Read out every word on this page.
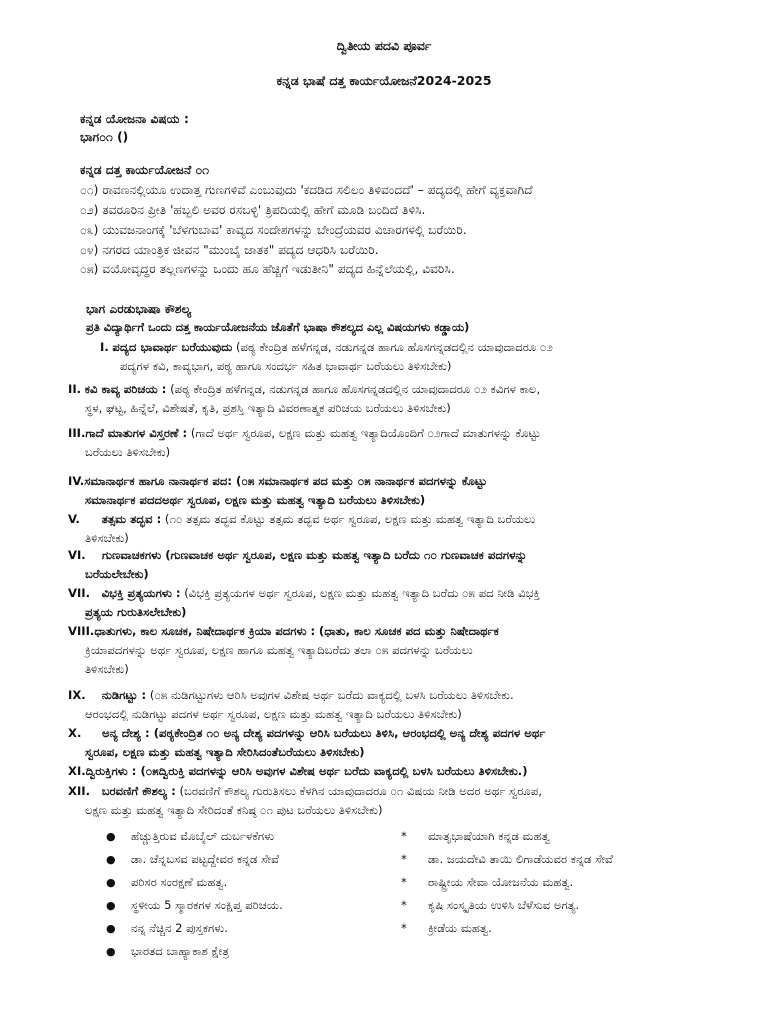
ದ್ವಿತೀಯ ಪದವಿ ಪೂರ್ವ
ಕನ್ನಡ ಭಾಷೆ ದತ್ತ ಕಾರ್ಯಯೋಜನೆ2024-2025
ಕನ್ನಡ ಯೋಜನಾ ವಿಷಯ :
ಭಾಗ೦೧ ()
ಕನ್ನಡ ದತ್ತ ಕಾರ್ಯಯೋಜನೆ ೦೧
೦೧) ರಾವಣನಲ್ಲಿಯೂ ಉದಾತ್ತ ಗುಣಗಳಿವೆ ಎಂಬುವುದು 'ಕದಡಿದ ಸಲಿಲಂ ತಿಳಿವಂದದೆ' – ಪದ್ಯದಲ್ಲಿ ಹೇಗೆ ವ್ಯಕ್ತವಾಗಿದೆ
೦೨) ತವರೂರಿನ ಪ್ರೀತಿ 'ಹಬ್ಬಲಿ ಅವರ ರಸಬಳ್ಳಿ' ತ್ರಿಪದಿಯಲ್ಲಿ ಹೇಗೆ ಮೂಡಿ ಬಂದಿದೆ ತಿಳಿಸಿ.
೦೩) ಯುವಜನಾಂಗಕ್ಕೆ 'ಬೆಳಗುಬಾವ' ಕಾವ್ಯದ ಸಂದೇಶಗಳನ್ನು ಬೇಂದ್ರೆಯವರ ವಿಚಾರಗಳಲ್ಲಿ ಬರೆಯಿರಿ.
೦೪) ನಗರದ ಯಾಂತ್ರಿಕ ಜೀವನ "ಮುಂಬೈ ಜಾತಕ" ಪದ್ಯದ ಆಧರಿಸಿ ಬರೆಯಿರಿ.
೦೫) ವಯೋವೃದ್ಧರ ತಲ್ಲಣಗಳನ್ನು ಒಂದು ಹೂ ಹೆಚ್ಚಿಗೆ ಇಡುತೀನಿ" ಪದ್ಯದ ಹಿನ್ನೆಲೆಯಲ್ಲಿ, ವಿವರಿಸಿ.
ಭಾಗ ಎರಡುಭಾಷಾ ಕೌಶಲ್ಯ
ಪ್ರತಿ ವಿದ್ಯಾರ್ಥಿಗೆ ಒಂದು ದತ್ತ ಕಾರ್ಯಯೋಜನೆಯ ಜೊತೆಗೆ ಭಾಷಾ ಕೌಶಲ್ಯದ ಎಲ್ಲ ವಿಷಯಗಳು ಕಡ್ಡಾಯ)
I. ಪದ್ಯದ ಭಾವಾರ್ಥ ಬರೆಯುವುದು (ಪಠ್ಯ ಕೇಂದ್ರಿತ ಹಳೆಗನ್ನಡ, ನಡುಗನ್ನಡ ಹಾಗೂ ಹೊಸಗನ್ನಡದಲ್ಲಿನ ಯಾವುದಾದರೂ ೦೨
ಪದ್ಯಗಳ ಕವಿ, ಕಾವ್ಯಭಾಗ, ಪಠ್ಯ ಹಾಗೂ ಸಂದರ್ಭ ಸಹಿತ ಭಾವಾರ್ಥ ಬರೆಯಲು ತಿಳಿಸಬೇಕು)
II. ಕವಿ ಕಾವ್ಯ ಪರಿಚಯ : (ಪಠ್ಯ ಕೇಂದ್ರಿತ ಹಳೆಗನ್ನಡ, ನಡುಗನ್ನಡ ಹಾಗೂ ಹೊಸಗನ್ನಡದಲ್ಲಿನ ಯಾವುದಾದರೂ ೦೨ ಕವಿಗಳ ಕಾಲ,
ಸ್ಥಳ, ಘಟ್ಟ, ಹಿನ್ನೆಲೆ, ವಿಶೇಷತೆ, ಕೃತಿ, ಪ್ರಶಸ್ತಿ ಇತ್ಯಾದಿ ವಿವರಣಾತ್ಮಕ ಪರಿಚಯ ಬರೆಯಲು ತಿಳಿಸಬೇಕು)
III.ಗಾದೆ ಮಾತುಗಳ ವಿಸ್ತರಣೆ : (ಗಾದೆ ಅರ್ಥ ಸ್ವರೂಪ, ಲಕ್ಷಣ ಮತ್ತು ಮಹತ್ವ ಇತ್ಯಾದಿಯೊಂದಿಗೆ ೦೨ಗಾದೆ ಮಾತುಗಳನ್ನು ಕೊಟ್ಟು
ಬರೆಯಲು ತಿಳಿಸಬೇಕು)
IV.ಸಮಾನಾರ್ಥಕ ಹಾಗೂ ನಾನಾರ್ಥಕ ಪದ: (೦೫ ಸಮಾನಾರ್ಥಕ ಪದ ಮತ್ತು ೦೫ ನಾನಾರ್ಥಕ ಪದಗಳನ್ನು ಕೊಟ್ಟು
ಸಮಾನಾರ್ಥಕ ಪದದಅರ್ಥ ಸ್ವರೂಪ, ಲಕ್ಷಣ ಮತ್ತು ಮಹತ್ವ ಇತ್ಯಾದಿ ಬರೆಯಲು ತಿಳಿಸಬೇಕು)
V. ತತ್ಸಮ ತದ್ಭವ : (೧೦ ತತ್ಸಮ ತದ್ಭವ ಕೊಟ್ಟು ತತ್ಸಮ ತದ್ಭವ ಅರ್ಥ ಸ್ವರೂಪ, ಲಕ್ಷಣ ಮತ್ತು ಮಹತ್ವ ಇತ್ಯಾದಿ ಬರೆಯಲು
ತಿಳಿಸಬೇಕು)
VI. ಗುಣವಾಚಕಗಳು (ಗುಣವಾಚಕ ಅರ್ಥ ಸ್ವರೂಪ, ಲಕ್ಷಣ ಮತ್ತು ಮಹತ್ವ ಇತ್ಯಾದಿ ಬರೆದು ೧೦ ಗುಣವಾಚಕ ಪದಗಳನ್ನು
ಬರೆಯಲೇಬೇಕು)
VII. ವಿಭಕ್ತಿ ಪ್ರತ್ಯಯಗಳು : (ವಿಭಕ್ತಿ ಪ್ರತ್ಯಯಗಳ ಅರ್ಥ ಸ್ವರೂಪ, ಲಕ್ಷಣ ಮತ್ತು ಮಹತ್ವ ಇತ್ಯಾದಿ ಬರೆದು ೦೫ ಪದ ನೀಡಿ ವಿಭಕ್ತಿ
ಪ್ರತ್ಯಯ ಗುರುತಿಸಲೇಬೇಕು)
VIII.ಧಾತುಗಳು, ಕಾಲ ಸೂಚಕ, ನಿಷೇದಾರ್ಥಕ ಕ್ರಿಯಾ ಪದಗಳು : (ಧಾತು, ಕಾಲ ಸೂಚಕ ಪದ ಮತ್ತು ನಿಷೇದಾರ್ಥಕ
ಕ್ರಿಯಾಪದಗಳನ್ನು ಅರ್ಥ ಸ್ವರೂಪ, ಲಕ್ಷಣ ಹಾಗೂ ಮಹತ್ವ ಇತ್ಯಾದಿಬರೆದು ತಲಾ ೦೫ ಪದಗಳನ್ನು ಬರೆಯಲು
ತಿಳಿಸಬೇಕು)
IX. ನುಡಿಗಟ್ಟು : (೦೫ ನುಡಿಗಟ್ಟುಗಳು ಆರಿಸಿ ಅವುಗಳ ವಿಶೇಷ ಅರ್ಥ ಬರೆದು ವಾಕ್ಯದಲ್ಲಿ ಬಳಸಿ ಬರೆಯಲು ತಿಳಿಸಬೇಕು.
ಆರಂಭದಲ್ಲಿ ನುಡಿಗಟ್ಟು ಪದಗಳ ಅರ್ಥ ಸ್ವರೂಪ, ಲಕ್ಷಣ ಮತ್ತು ಮಹತ್ವ ಇತ್ಯಾದಿ ಬರೆಯಲು ತಿಳಿಸಬೇಕು)
X. ಅನ್ಯ ದೇಶ್ಯ : (ಪಠ್ಯಕೇಂದ್ರಿತ ೧೦ ಅನ್ಯ ದೇಶ್ಯ ಪದಗಳನ್ನು ಆರಿಸಿ ಬರೆಯಲು ತಿಳಿಸಿ, ಆರಂಭದಲ್ಲಿ ಅನ್ಯ ದೇಶ್ಯ ಪದಗಳ ಅರ್ಥ
ಸ್ವರೂಪ, ಲಕ್ಷಣ ಮತ್ತು ಮಹತ್ವ ಇತ್ಯಾದಿ ಸೇರಿಸಿದಂತೆಬರೆಯಲು ತಿಳಿಸಬೇಕು)
XI.ದ್ವಿರುಕ್ತಿಗಳು : (೦೫ದ್ವಿರುಕ್ತಿ ಪದಗಳನ್ನು ಆರಿಸಿ ಅವುಗಳ ವಿಶೇಷ ಅರ್ಥ ಬರೆದು ವಾಕ್ಯದಲ್ಲಿ ಬಳಸಿ ಬರೆಯಲು ತಿಳಿಸಬೇಕು.)
XII. ಬರವಣಿಗೆ ಕೌಶಲ್ಯ : (ಬರವಣಿಗೆ ಕೌಶಲ್ಯ ಗುರುತಿಸಲು ಕೆಳಗಿನ ಯಾವುದಾದರೂ ೦೧ ವಿಷಯ ನೀಡಿ ಅದರ ಅರ್ಥ ಸ್ವರೂಪ,
ಲಕ್ಷಣ ಮತ್ತು ಮಹತ್ವ ಇತ್ಯಾದಿ ಸೇರಿದಂತೆ ಕನಿಷ್ಠ ೦೧ ಪುಟ ಬರೆಯಲು ತಿಳಿಸಬೇಕು)
● ಹೆಚ್ಚುತ್ತಿರುವ ಮೊಬೈಲ್ ದುರ್ಬಳಕೆಗಳು	* ಮಾತೃಭಾಷೆಯಾಗಿ ಕನ್ನಡ ಮಹತ್ವ
● ಡಾ. ಚೆನ್ನಬಸವ ಪಟ್ಟದ್ದೇವರ ಕನ್ನಡ ಸೇವೆ	* ಡಾ. ಜಯದೇವಿ ತಾಯಿ ಲಿಗಾಡೆಯವರ ಕನ್ನಡ ಸೇವೆ
● ಪರಿಸರ ಸಂರಕ್ಷಣೆ ಮಹತ್ವ.	* ರಾಷ್ಟ್ರೀಯ ಸೇವಾ ಯೋಜನೆಯ ಮಹತ್ವ.
● ಸ್ಥಳೀಯ 5 ಸ್ಮಾರಕಗಳ ಸಂಕ್ಷಿಪ್ತ ಪರಿಚಯ.	* ಕೃಷಿ ಸಂಸ್ಕೃತಿಯ ಉಳಿಸಿ ಬೆಳೆಸುವ ಅಗತ್ಯ.
● ನನ್ನ ನೆಚ್ಚಿನ 2 ಪುಸ್ತಕಗಳು.	* ಕ್ರೀಡೆಯ ಮಹತ್ವ.
● ಭಾರತದ ಬಾಹ್ಯಾಕಾಶ ಕ್ಷೇತ್ರ
